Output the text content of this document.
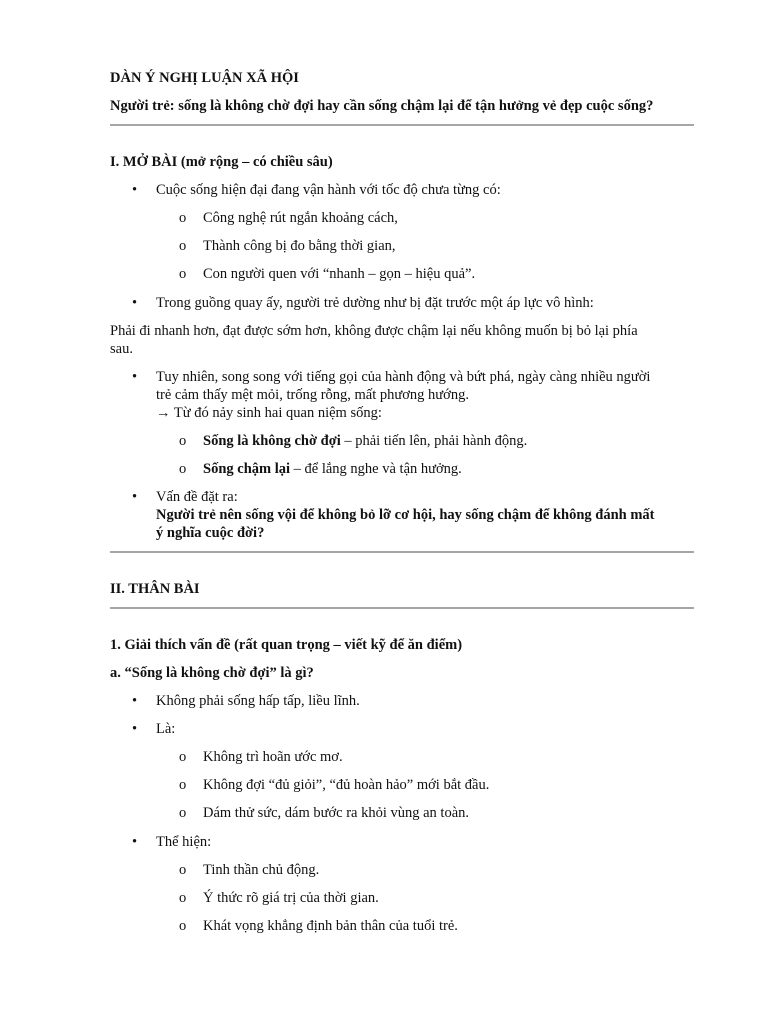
DÀN Ý NGHỊ LUẬN XÃ HỘI
Người trẻ: sống là không chờ đợi hay cần sống chậm lại để tận hưởng vẻ đẹp cuộc sống?
I. MỞ BÀI (mở rộng – có chiều sâu)
Cuộc sống hiện đại đang vận hành với tốc độ chưa từng có:
o Công nghệ rút ngắn khoảng cách,
o Thành công bị đo bằng thời gian,
o Con người quen với “nhanh – gọn – hiệu quả”.
Trong guồng quay ấy, người trẻ dường như bị đặt trước một áp lực vô hình:
Phải đi nhanh hơn, đạt được sớm hơn, không được chậm lại nếu không muốn bị bỏ lại phía
sau.
Tuy nhiên, song song với tiếng gọi của hành động và bứt phá, ngày càng nhiều người
trẻ cảm thấy mệt mỏi, trống rỗng, mất phương hướng.
→ Từ đó nảy sinh hai quan niệm sống:
o Sống là không chờ đợi – phải tiến lên, phải hành động.
o Sống chậm lại – để lắng nghe và tận hưởng.
Vấn đề đặt ra:
Người trẻ nên sống vội để không bỏ lỡ cơ hội, hay sống chậm để không đánh mất
ý nghĩa cuộc đời?
II. THÂN BÀI
1. Giải thích vấn đề (rất quan trọng – viết kỹ để ăn điểm)
a. “Sống là không chờ đợi” là gì?
Không phải sống hấp tấp, liều lĩnh.
Là:
o Không trì hoãn ước mơ.
o Không đợi “đủ giỏi”, “đủ hoàn hảo” mới bắt đầu.
o Dám thử sức, dám bước ra khỏi vùng an toàn.
Thể hiện:
o Tinh thần chủ động.
o Ý thức rõ giá trị của thời gian.
o Khát vọng khẳng định bản thân của tuổi trẻ.
